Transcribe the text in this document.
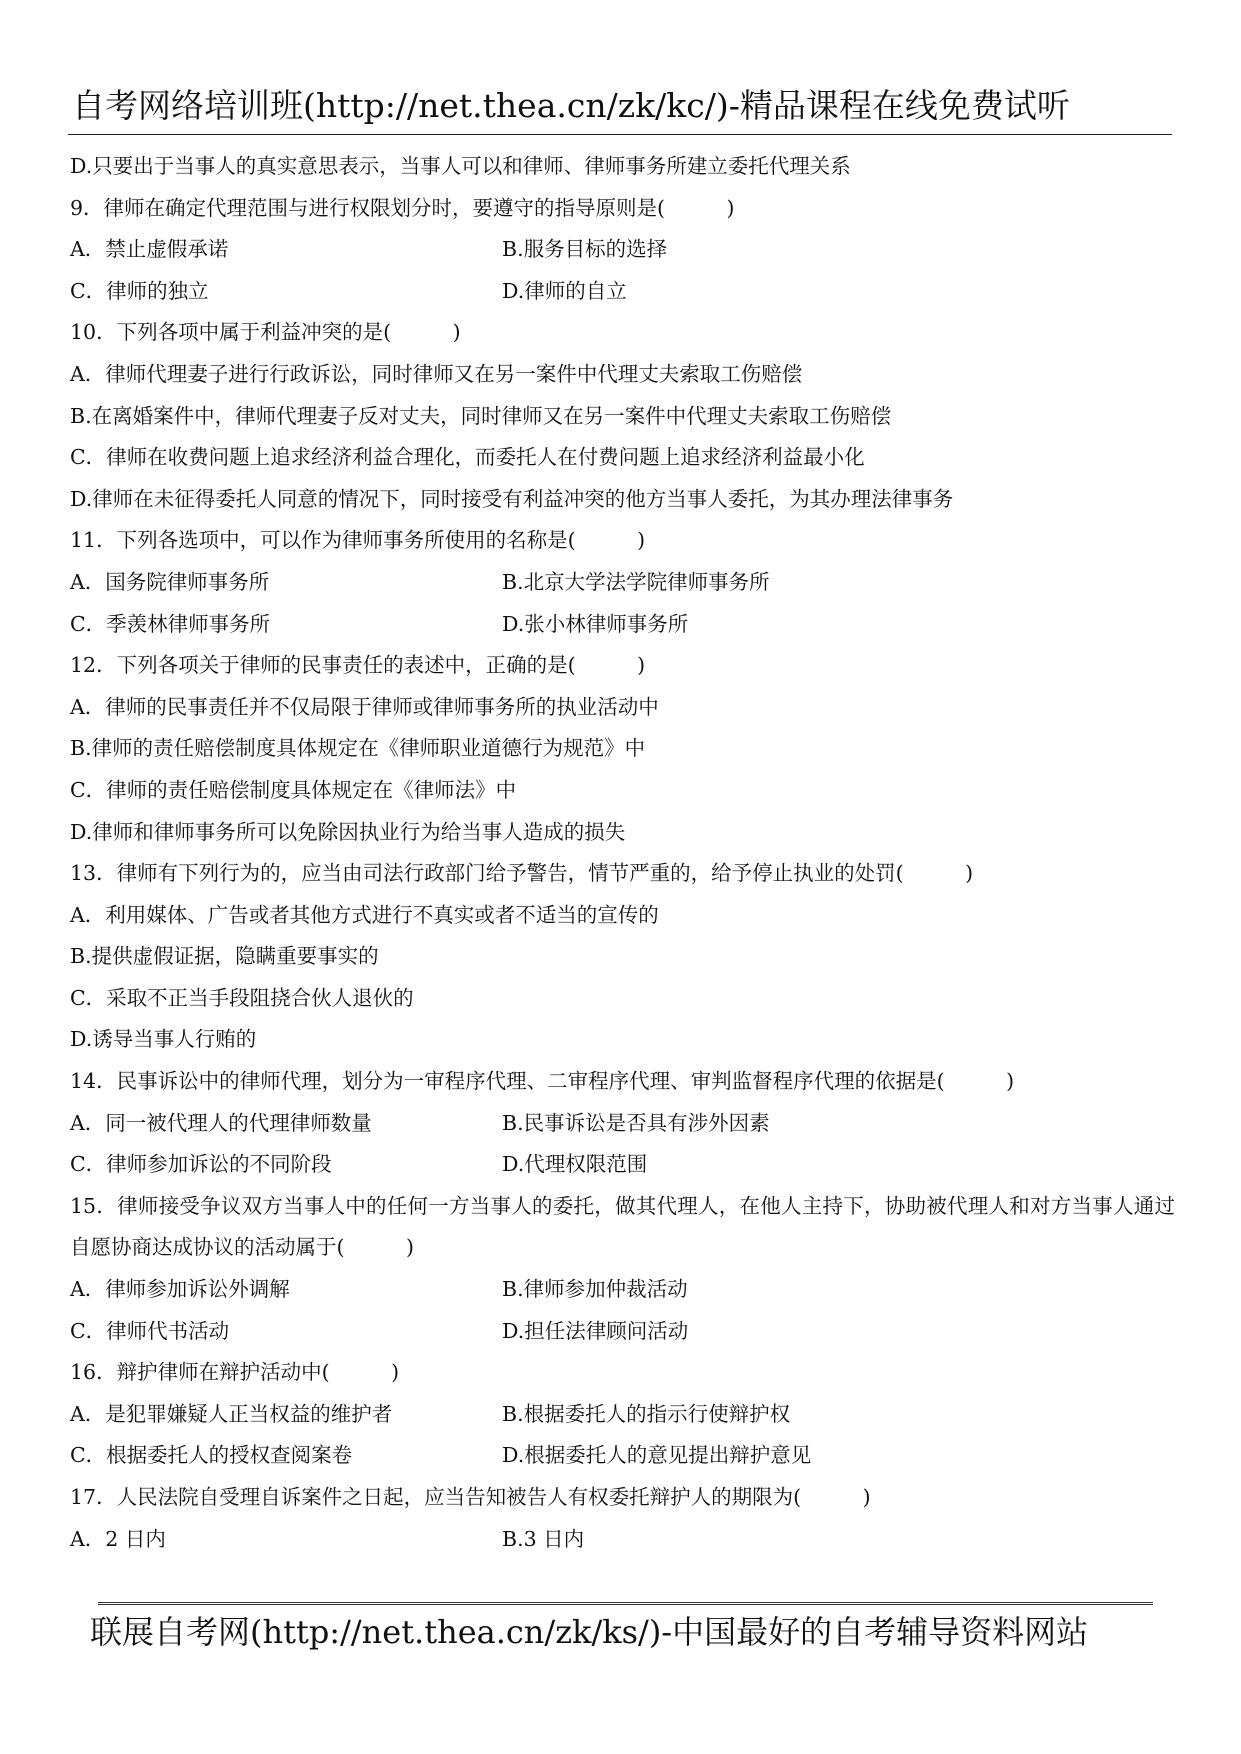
自考网络培训班(http://net.thea.cn/zk/kc/)-精品课程在线免费试听
D.只要出于当事人的真实意思表示，当事人可以和律师、律师事务所建立委托代理关系
9．律师在确定代理范围与进行权限划分时，要遵守的指导原则是(　　　)
A．禁止虚假承诺	B.服务目标的选择
C．律师的独立	D.律师的自立
10．下列各项中属于利益冲突的是(　　　)
A．律师代理妻子进行行政诉讼，同时律师又在另一案件中代理丈夫索取工伤赔偿
B.在离婚案件中，律师代理妻子反对丈夫，同时律师又在另一案件中代理丈夫索取工伤赔偿
C．律师在收费问题上追求经济利益合理化，而委托人在付费问题上追求经济利益最小化
D.律师在未征得委托人同意的情况下，同时接受有利益冲突的他方当事人委托，为其办理法律事务
11．下列各选项中，可以作为律师事务所使用的名称是(　　　)
A．国务院律师事务所	B.北京大学法学院律师事务所
C．季羡林律师事务所	D.张小林律师事务所
12．下列各项关于律师的民事责任的表述中，正确的是(　　　)
A．律师的民事责任并不仅局限于律师或律师事务所的执业活动中
B.律师的责任赔偿制度具体规定在《律师职业道德行为规范》中
C．律师的责任赔偿制度具体规定在《律师法》中
D.律师和律师事务所可以免除因执业行为给当事人造成的损失
13．律师有下列行为的，应当由司法行政部门给予警告，情节严重的，给予停止执业的处罚(　　　)
A．利用媒体、广告或者其他方式进行不真实或者不适当的宣传的
B.提供虚假证据，隐瞒重要事实的
C．采取不正当手段阻挠合伙人退伙的
D.诱导当事人行贿的
14．民事诉讼中的律师代理，划分为一审程序代理、二审程序代理、审判监督程序代理的依据是(　　　)
A．同一被代理人的代理律师数量	B.民事诉讼是否具有涉外因素
C．律师参加诉讼的不同阶段	D.代理权限范围
15．律师接受争议双方当事人中的任何一方当事人的委托，做其代理人，在他人主持下，协助被代理人和对方当事人通过自愿协商达成协议的活动属于(　　　)
A．律师参加诉讼外调解	B.律师参加仲裁活动
C．律师代书活动	D.担任法律顾问活动
16．辩护律师在辩护活动中(　　　)
A．是犯罪嫌疑人正当权益的维护者	B.根据委托人的指示行使辩护权
C．根据委托人的授权查阅案卷	D.根据委托人的意见提出辩护意见
17．人民法院自受理自诉案件之日起，应当告知被告人有权委托辩护人的期限为(　　　)
A．2 日内	B.3 日内
联展自考网(http://net.thea.cn/zk/ks/)-中国最好的自考辅导资料网站
